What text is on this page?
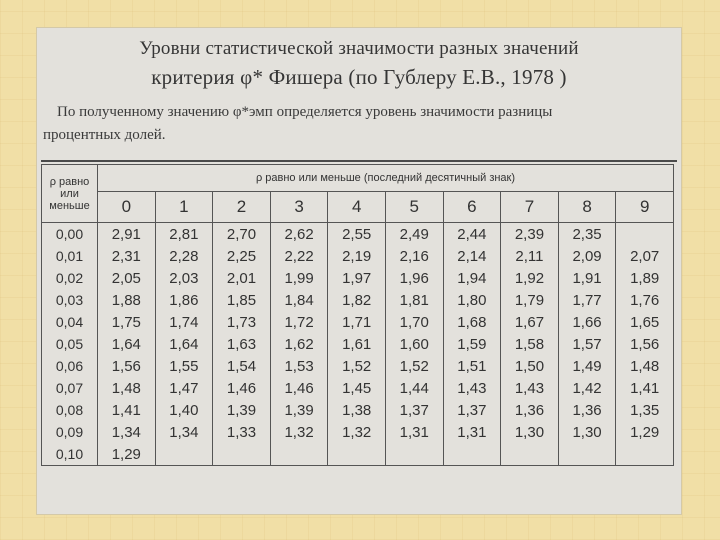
Уровни статистической значимости разных значений
критерия φ* Фишера (по Гублеру Е.В., 1978 )
По полученному значению φ*эмп определяется уровень значимости разницы
процентных долей.
ρ равно или меньше	ρ равно или меньше (последний десятичный знак)									
	0	1	2	3	4	5	6	7	8	9
0,00	2,91	2,81	2,70	2,62	2,55	2,49	2,44	2,39	2,35	
0,01	2,31	2,28	2,25	2,22	2,19	2,16	2,14	2,11	2,09	2,07
0,02	2,05	2,03	2,01	1,99	1,97	1,96	1,94	1,92	1,91	1,89
0,03	1,88	1,86	1,85	1,84	1,82	1,81	1,80	1,79	1,77	1,76
0,04	1,75	1,74	1,73	1,72	1,71	1,70	1,68	1,67	1,66	1,65
0,05	1,64	1,64	1,63	1,62	1,61	1,60	1,59	1,58	1,57	1,56
0,06	1,56	1,55	1,54	1,53	1,52	1,52	1,51	1,50	1,49	1,48
0,07	1,48	1,47	1,46	1,46	1,45	1,44	1,43	1,43	1,42	1,41
0,08	1,41	1,40	1,39	1,39	1,38	1,37	1,37	1,36	1,36	1,35
0,09	1,34	1,34	1,33	1,32	1,32	1,31	1,31	1,30	1,30	1,29
0,10	1,29									
